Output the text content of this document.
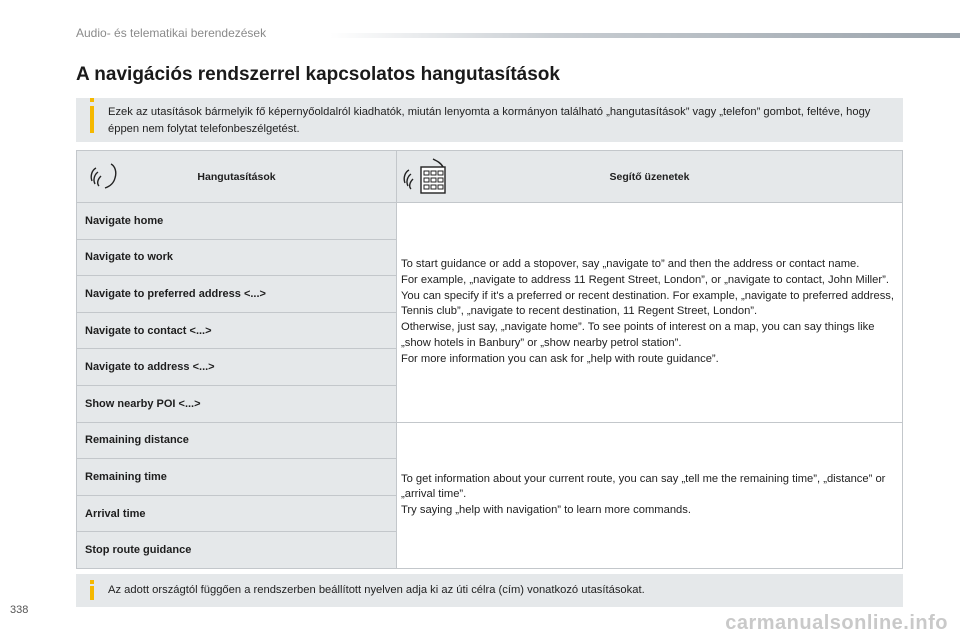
Audio- és telematikai berendezések
A navigációs rendszerrel kapcsolatos hangutasítások
Ezek az utasítások bármelyik fő képernyőoldalról kiadhatók, miután lenyomta a kormányon található „hangutasítások” vagy „telefon” gombot, feltéve, hogy éppen nem folytat telefonbeszélgetést.
Hangutasítások	Segítő üzenetek
Navigate home	To start guidance or add a stopover, say „navigate to” and then the address or contact name.
For example, „navigate to address 11 Regent Street, London”, or „navigate to contact, John Miller”.
You can specify if it's a preferred or recent destination. For example, „navigate to preferred address, Tennis club”, „navigate to recent destination, 11 Regent Street, London”.
Otherwise, just say, „navigate home”. To see points of interest on a map, you can say things like „show hotels in Banbury” or „show nearby petrol station”.
For more information you can ask for „help with route guidance”.

Navigate to work	
Navigate to preferred address <...>	
Navigate to contact <...>	
Navigate to address <...>	
Show nearby POI <...>	
Remaining distance	To get information about your current route, you can say „tell me the remaining time”, „distance” or „arrival time”.
Try saying „help with navigation” to learn more commands.

Remaining time	
Arrival time	
Stop route guidance	
Az adott országtól függően a rendszerben beállított nyelven adja ki az úti célra (cím) vonatkozó utasításokat.
338
carmanualsonline.info
